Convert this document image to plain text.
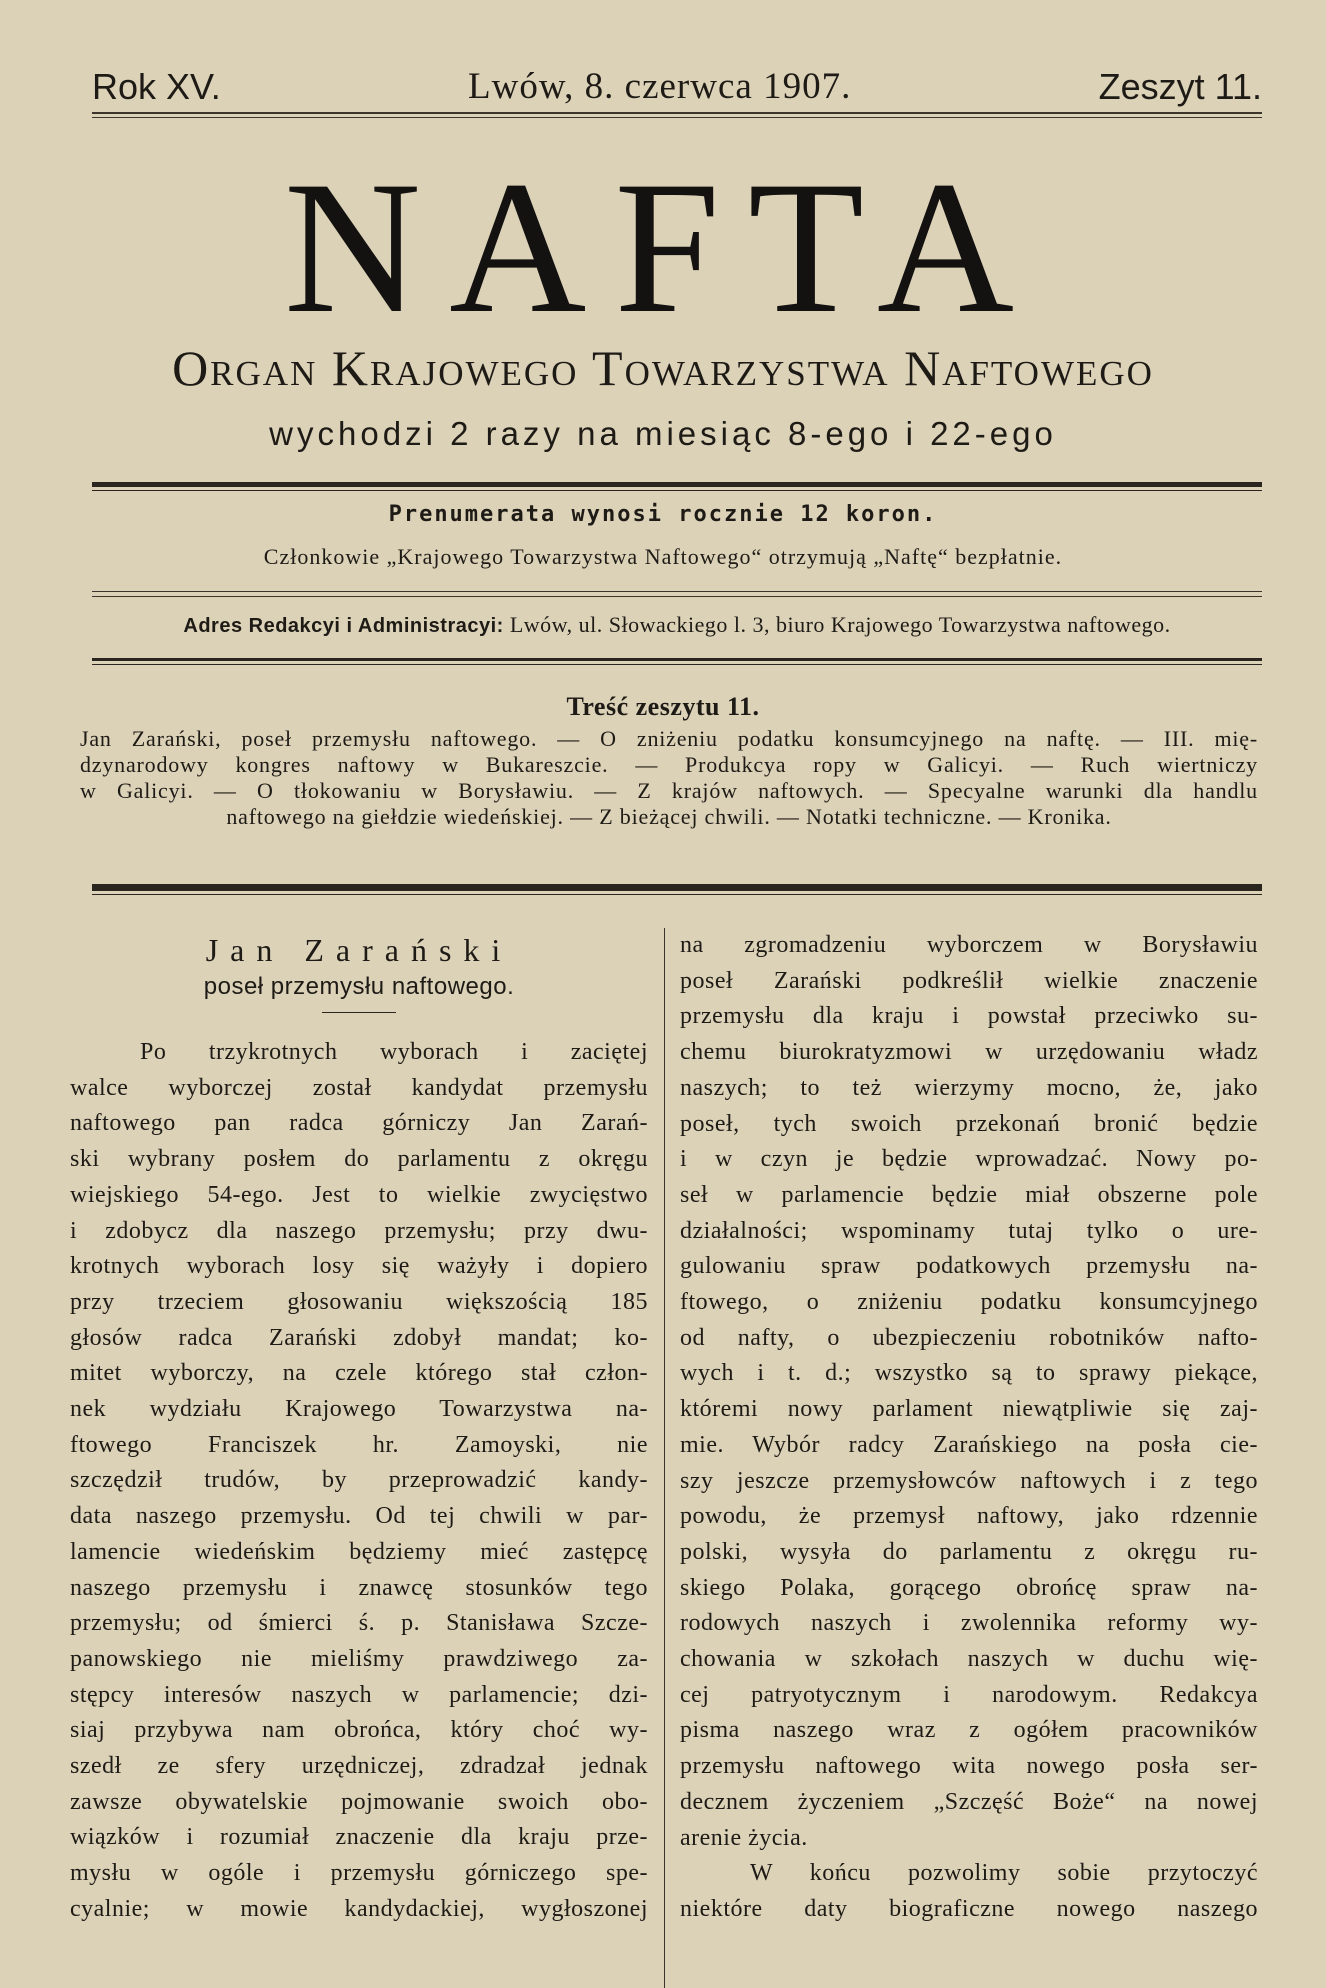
Rok XV.	Lwów, 8. czerwca 1907.	Zeszyt 11.
NAFTA
Organ Krajowego Towarzystwa Naftowego
wychodzi 2 razy na miesiąc 8-ego i 22-ego
Prenumerata wynosi rocznie 12 koron.
Członkowie „Krajowego Towarzystwa Naftowego“ otrzymują „Naftę“ bezpłatnie.
Adres Redakcyi i Administracyi: Lwów, ul. Słowackiego l. 3, biuro Krajowego Towarzystwa naftowego.
Treść zeszytu 11.
Jan Zarański, poseł przemysłu naftowego. — O zniżeniu podatku konsumcyjnego na naftę. — III. mię-
dzynarodowy kongres naftowy w Bukareszcie. — Produkcya ropy w Galicyi. — Ruch wiertniczy
w Galicyi. — O tłokowaniu w Borysławiu. — Z krajów naftowych. — Specyalne warunki dla handlu
naftowego na giełdzie wiedeńskiej. — Z bieżącej chwili. — Notatki techniczne. — Kronika.
Jan Zarański
poseł przemysłu naftowego.
Po trzykrotnych wyborach i zaciętej
walce wyborczej został kandydat przemysłu
naftowego pan radca górniczy Jan Zarań-
ski wybrany posłem do parlamentu z okręgu
wiejskiego 54-ego. Jest to wielkie zwycięstwo
i zdobycz dla naszego przemysłu; przy dwu-
krotnych wyborach losy się ważyły i dopiero
przy trzeciem głosowaniu większością 185
głosów radca Zarański zdobył mandat; ko-
mitet wyborczy, na czele którego stał człon-
nek wydziału Krajowego Towarzystwa na-
ftowego Franciszek hr. Zamoyski, nie
szczędził trudów, by przeprowadzić kandy-
data naszego przemysłu. Od tej chwili w par-
lamencie wiedeńskim będziemy mieć zastępcę
naszego przemysłu i znawcę stosunków tego
przemysłu; od śmierci ś. p. Stanisława Szcze-
panowskiego nie mieliśmy prawdziwego za-
stępcy interesów naszych w parlamencie; dzi-
siaj przybywa nam obrońca, który choć wy-
szedł ze sfery urzędniczej, zdradzał jednak
zawsze obywatelskie pojmowanie swoich obo-
wiązków i rozumiał znaczenie dla kraju prze-
mysłu w ogóle i przemysłu górniczego spe-
cyalnie; w mowie kandydackiej, wygłoszonej
na zgromadzeniu wyborczem w Borysławiu
poseł Zarański podkreślił wielkie znaczenie
przemysłu dla kraju i powstał przeciwko su-
chemu biurokratyzmowi w urzędowaniu władz
naszych; to też wierzymy mocno, że, jako
poseł, tych swoich przekonań bronić będzie
i w czyn je będzie wprowadzać. Nowy po-
seł w parlamencie będzie miał obszerne pole
działalności; wspominamy tutaj tylko o ure-
gulowaniu spraw podatkowych przemysłu na-
ftowego, o zniżeniu podatku konsumcyjnego
od nafty, o ubezpieczeniu robotników nafto-
wych i t. d.; wszystko są to sprawy piekące,
któremi nowy parlament niewątpliwie się zaj-
mie. Wybór radcy Zarańskiego na posła cie-
szy jeszcze przemysłowców naftowych i z tego
powodu, że przemysł naftowy, jako rdzennie
polski, wysyła do parlamentu z okręgu ru-
skiego Polaka, gorącego obrońcę spraw na-
rodowych naszych i zwolennika reformy wy-
chowania w szkołach naszych w duchu wię-
cej patryotycznym i narodowym. Redakcya
pisma naszego wraz z ogółem pracowników
przemysłu naftowego wita nowego posła ser-
decznem życzeniem „Szczęść Boże“ na nowej
arenie życia.
W końcu pozwolimy sobie przytoczyć
niektóre daty biograficzne nowego naszego
